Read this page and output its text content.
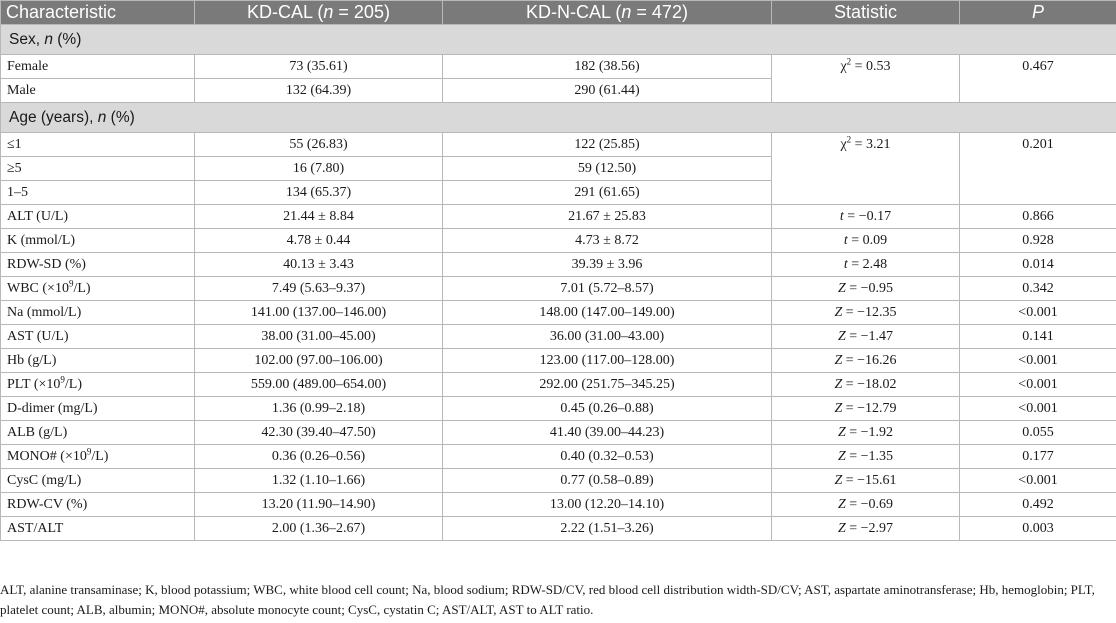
Characteristic	KD-CAL (n = 205)	KD-N-CAL (n = 472)	Statistic	P
Sex, n (%)				
Female	73 (35.61)	182 (38.56)	$\chi^2 = 0.53$	0.467
Male	132 (64.39)	290 (61.44)		
Age (years), n (%)				
≤1	55 (26.83)	122 (25.85)	$\chi^2 = 3.21$	0.201
≥5	16 (7.80)	59 (12.50)		
1–5	134 (65.37)	291 (61.65)		
ALT (U/L)	21.44 ± 8.84	21.67 ± 25.83	t = −0.17	0.866
K (mmol/L)	4.78 ± 0.44	4.73 ± 8.72	t = 0.09	0.928
RDW-SD (%)	40.13 ± 3.43	39.39 ± 3.96	t = 2.48	0.014
WBC $(\times 10^9/L)$	7.49 (5.63–9.37)	7.01 (5.72–8.57)	Z = −0.95	0.342
Na (mmol/L)	141.00 (137.00–146.00)	148.00 (147.00–149.00)	Z = −12.35	<0.001
AST (U/L)	38.00 (31.00–45.00)	36.00 (31.00–43.00)	Z = −1.47	0.141
Hb (g/L)	102.00 (97.00–106.00)	123.00 (117.00–128.00)	Z = −16.26	<0.001
PLT $(\times 10^9/L)$	559.00 (489.00–654.00)	292.00 (251.75–345.25)	Z = −18.02	<0.001
D-dimer (mg/L)	1.36 (0.99–2.18)	0.45 (0.26–0.88)	Z = −12.79	<0.001
ALB (g/L)	42.30 (39.40–47.50)	41.40 (39.00–44.23)	Z = −1.92	0.055
MONO# $(\times 10^9/L)$	0.36 (0.26–0.56)	0.40 (0.32–0.53)	Z = −1.35	0.177
CysC (mg/L)	1.32 (1.10–1.66)	0.77 (0.58–0.89)	Z = −15.61	<0.001
RDW-CV (%)	13.20 (11.90–14.90)	13.00 (12.20–14.10)	Z = −0.69	0.492
AST/ALT	2.00 (1.36–2.67)	2.22 (1.51–3.26)	Z = −2.97	0.003
ALT, alanine transaminase; K, blood potassium; WBC, white blood cell count; Na, blood sodium; RDW-SD/CV, red blood cell distribution width-SD/CV; AST, aspartate aminotransferase; Hb, hemoglobin; PLT, platelet count; ALB, albumin; MONO#, absolute monocyte count; CysC, cystatin C; AST/ALT, AST to ALT ratio.
